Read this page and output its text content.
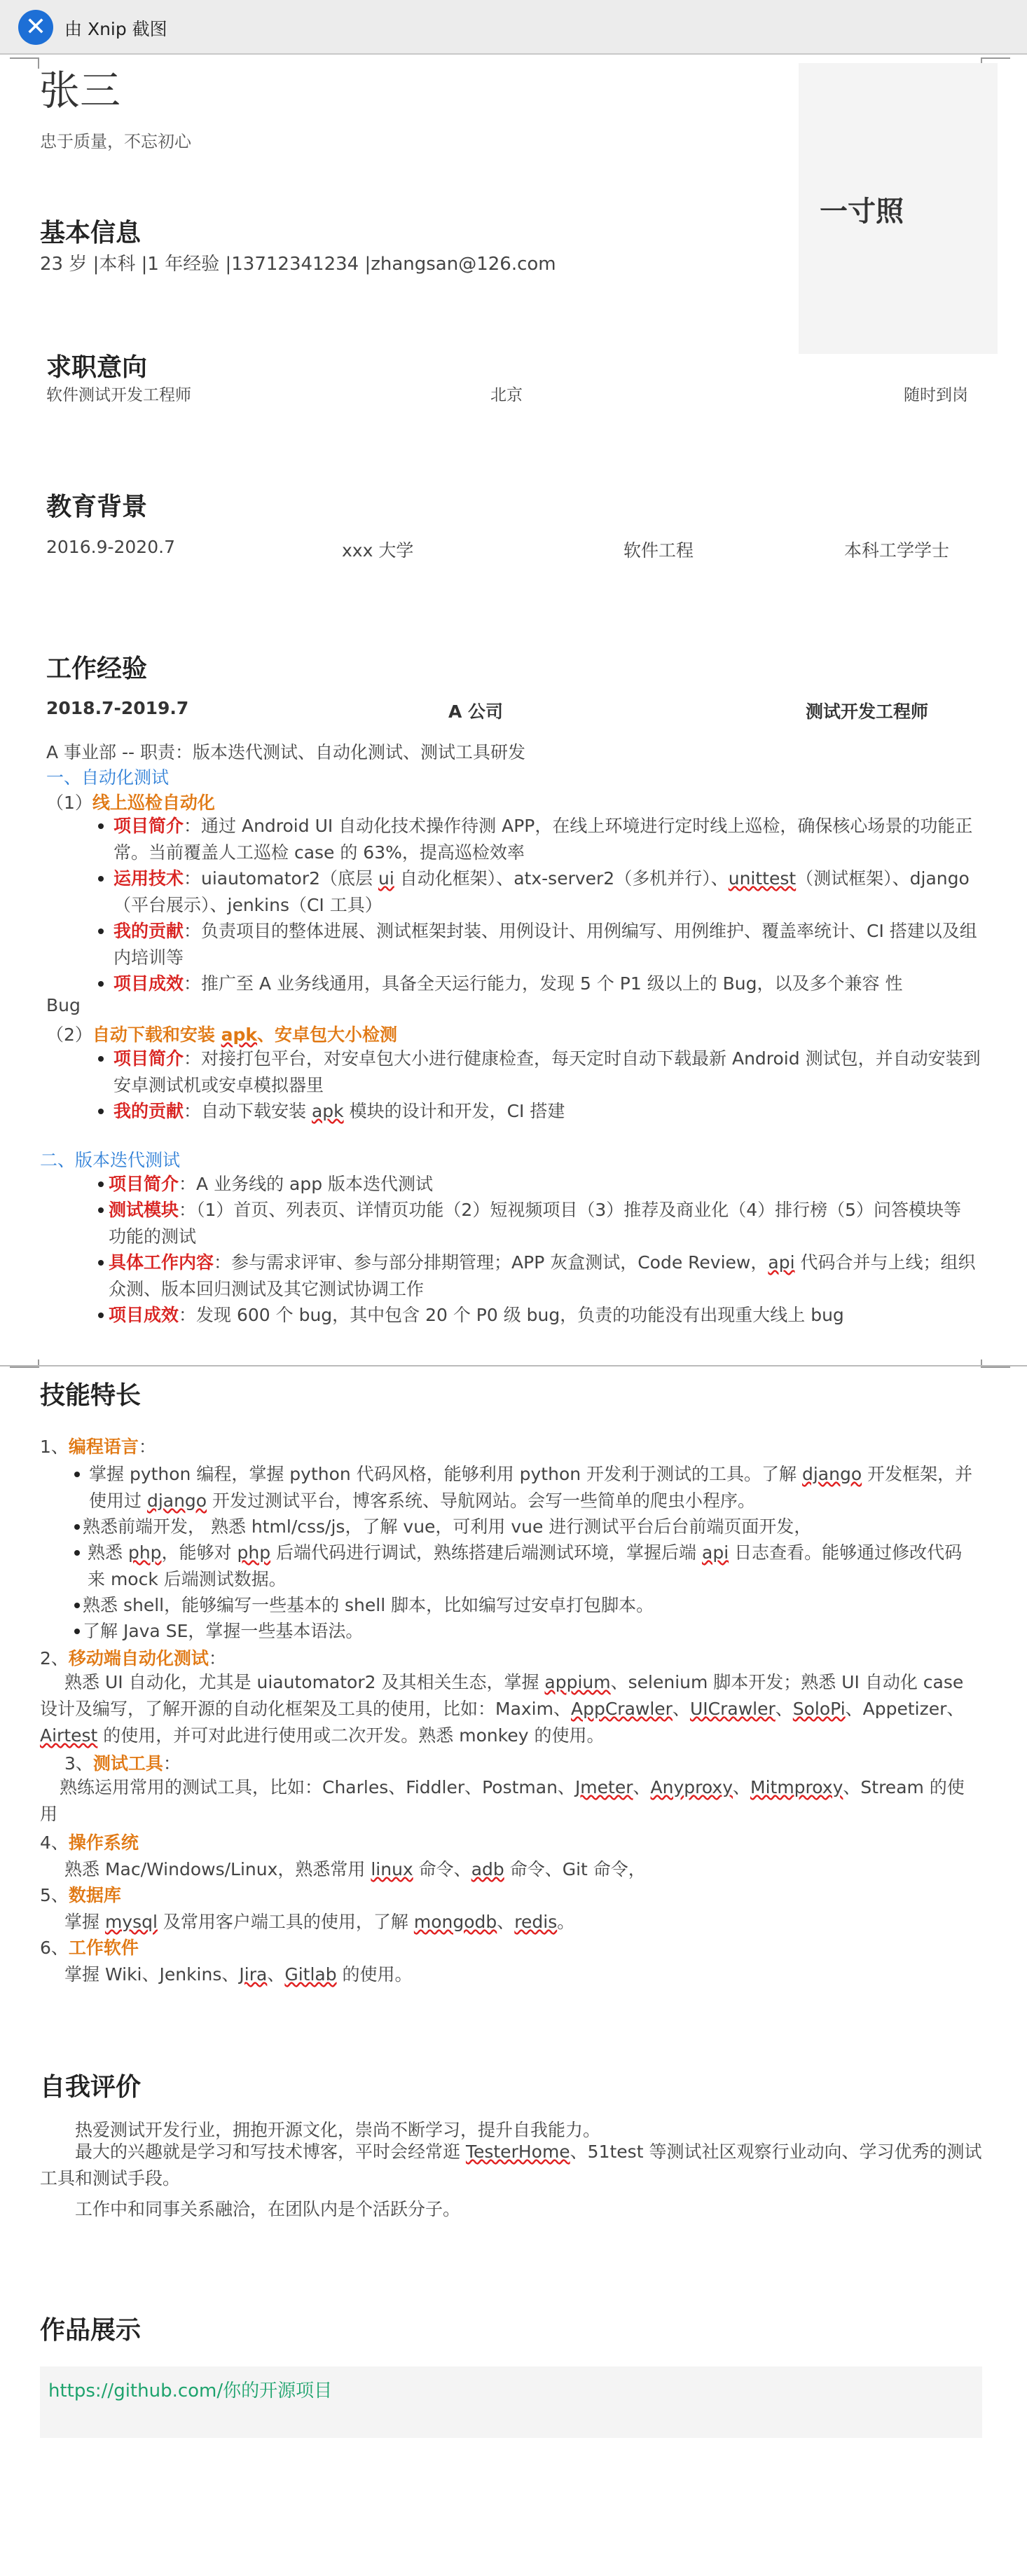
✕	由 Xnip 截图
张三
忠于质量，不忘初心
一寸照
基本信息
23 岁 |本科 |1 年经验 |13712341234 |zhangsan@126.com
求职意向
软件测试开发工程师	北京	随时到岗
教育背景
2016.9-2020.7	xxx 大学	软件工程	本科工学学士
工作经验
2018.7-2019.7	A 公司	测试开发工程师
A 事业部 -- 职责：版本迭代测试、自动化测试、测试工具研发
一、自动化测试
（1）线上巡检自动化
项目简介：通过 Android UI 自动化技术操作待测 APP，在线上环境进行定时线上巡检，确保核心场景的功能正常。当前覆盖人工巡检 case 的 63%，提高巡检效率
运用技术：uiautomator2（底层 ui 自动化框架）、atx-server2（多机并行）、unittest（测试框架）、django（平台展示）、jenkins（CI 工具）
我的贡献：负责项目的整体进展、测试框架封装、用例设计、用例编写、用例维护、覆盖率统计、CI 搭建以及组内培训等
项目成效：推广至 A 业务线通用，具备全天运行能力，发现 5 个 P1 级以上的 Bug，以及多个兼容 性
Bug
（2）自动下载和安装 apk、安卓包大小检测
项目简介：对接打包平台，对安卓包大小进行健康检查，每天定时自动下载最新 Android 测试包，并自动安装到安卓测试机或安卓模拟器里
我的贡献：自动下载安装 apk 模块的设计和开发，CI 搭建
二、版本迭代测试
项目简介：A 业务线的 app 版本迭代测试
测试模块：（1）首页、列表页、详情页功能（2）短视频项目（3）推荐及商业化（4）排行榜（5）问答模块等功能的测试
具体工作内容：参与需求评审、参与部分排期管理；APP 灰盒测试，Code Review，api 代码合并与上线；组织众测、版本回归测试及其它测试协调工作
项目成效：发现 600 个 bug，其中包含 20 个 P0 级 bug，负责的功能没有出现重大线上 bug
技能特长
1、编程语言：
掌握 python 编程，掌握 python 代码风格，能够利用 python 开发利于测试的工具。了解 django 开发框架，并使用过 django 开发过测试平台，博客系统、导航网站。会写一些简单的爬虫小程序。
熟悉前端开发， 熟悉 html/css/js，了解 vue，可利用 vue 进行测试平台后台前端页面开发，
熟悉 php，能够对 php 后端代码进行调试，熟练搭建后端测试环境，掌握后端 api 日志查看。能够通过修改代码来 mock 后端测试数据。
熟悉 shell，能够编写一些基本的 shell 脚本，比如编写过安卓打包脚本。
了解 Java SE，掌握一些基本语法。
2、移动端自动化测试：
熟悉 UI 自动化，尤其是 uiautomator2 及其相关生态，掌握 appium、selenium 脚本开发；熟悉 UI 自动化 case 设计及编写，了解开源的自动化框架及工具的使用，比如：Maxim、AppCrawler、UICrawler、SoloPi、Appetizer、Airtest 的使用，并可对此进行使用或二次开发。熟悉 monkey 的使用。
3、测试工具：
熟练运用常用的测试工具，比如：Charles、Fiddler、Postman、Jmeter、Anyproxy、Mitmproxy、Stream 的使用
4、操作系统
熟悉 Mac/Windows/Linux，熟悉常用 linux 命令、adb 命令、Git 命令，
5、数据库
掌握 mysql 及常用客户端工具的使用，了解 mongodb、redis。
6、工作软件
掌握 Wiki、Jenkins、Jira、Gitlab 的使用。
自我评价
热爱测试开发行业，拥抱开源文化，崇尚不断学习，提升自我能力。
最大的兴趣就是学习和写技术博客，平时会经常逛 TesterHome、51test 等测试社区观察行业动向、学习优秀的测试工具和测试手段。
工作中和同事关系融洽，在团队内是个活跃分子。
作品展示
https://github.com/你的开源项目
